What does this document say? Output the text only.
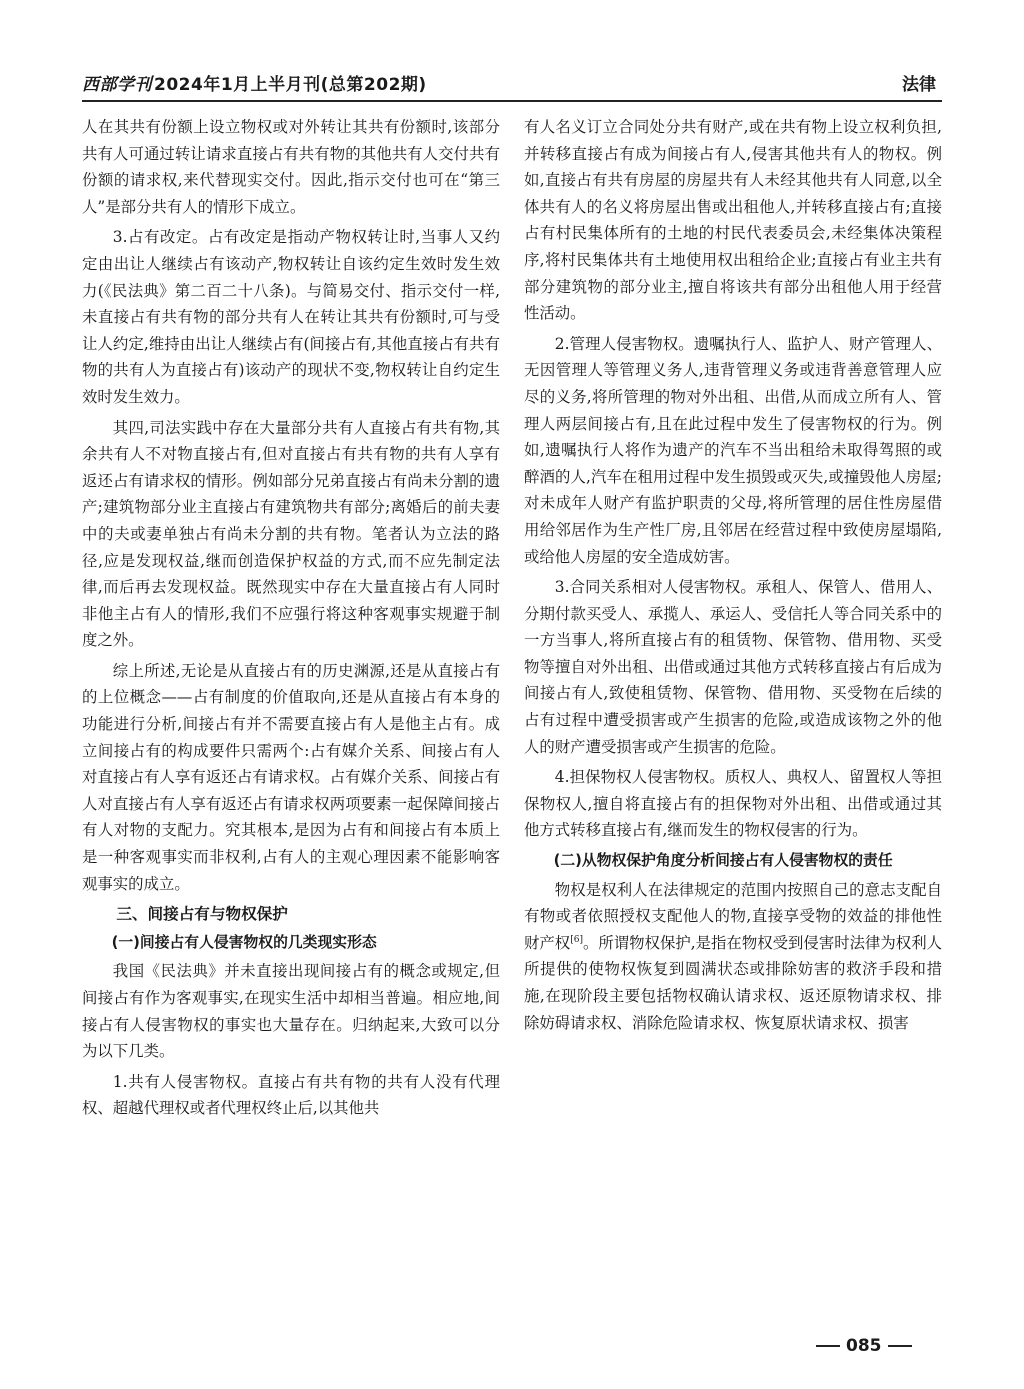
西部学刊 2024年1月上半月刊(总第202期)	法律

人在其共有份额上设立物权或对外转让其共有份额时,该部分共有人可通过转让请求直接占有共有物的其他共有人交付共有份额的请求权,来代替现实交付。因此,指示交付也可在“第三人”是部分共有人的情形下成立。

3.占有改定。占有改定是指动产物权转让时,当事人又约定由出让人继续占有该动产,物权转让自该约定生效时发生效力(《民法典》第二百二十八条)。与简易交付、指示交付一样,未直接占有共有物的部分共有人在转让其共有份额时,可与受让人约定,维持由出让人继续占有(间接占有,其他直接占有共有物的共有人为直接占有)该动产的现状不变,物权转让自约定生效时发生效力。

其四,司法实践中存在大量部分共有人直接占有共有物,其余共有人不对物直接占有,但对直接占有共有物的共有人享有返还占有请求权的情形。例如部分兄弟直接占有尚未分割的遗产;建筑物部分业主直接占有建筑物共有部分;离婚后的前夫妻中的夫或妻单独占有尚未分割的共有物。笔者认为立法的路径,应是发现权益,继而创造保护权益的方式,而不应先制定法律,而后再去发现权益。既然现实中存在大量直接占有人同时非他主占有人的情形,我们不应强行将这种客观事实规避于制度之外。

综上所述,无论是从直接占有的历史渊源,还是从直接占有的上位概念——占有制度的价值取向,还是从直接占有本身的功能进行分析,间接占有并不需要直接占有人是他主占有。成立间接占有的构成要件只需两个:占有媒介关系、间接占有人对直接占有人享有返还占有请求权。占有媒介关系、间接占有人对直接占有人享有返还占有请求权两项要素一起保障间接占有人对物的支配力。究其根本,是因为占有和间接占有本质上是一种客观事实而非权利,占有人的主观心理因素不能影响客观事实的成立。

三、间接占有与物权保护

(一)间接占有人侵害物权的几类现实形态

我国《民法典》并未直接出现间接占有的概念或规定,但间接占有作为客观事实,在现实生活中却相当普遍。相应地,间接占有人侵害物权的事实也大量存在。归纳起来,大致可以分为以下几类。

1.共有人侵害物权。直接占有共有物的共有人没有代理权、超越代理权或者代理权终止后,以其他共

有人名义订立合同处分共有财产,或在共有物上设立权利负担,并转移直接占有成为间接占有人,侵害其他共有人的物权。例如,直接占有共有房屋的房屋共有人未经其他共有人同意,以全体共有人的名义将房屋出售或出租他人,并转移直接占有;直接占有村民集体所有的土地的村民代表委员会,未经集体决策程序,将村民集体共有土地使用权出租给企业;直接占有业主共有部分建筑物的部分业主,擅自将该共有部分出租他人用于经营性活动。

2.管理人侵害物权。遗嘱执行人、监护人、财产管理人、无因管理人等管理义务人,违背管理义务或违背善意管理人应尽的义务,将所管理的物对外出租、出借,从而成立所有人、管理人两层间接占有,且在此过程中发生了侵害物权的行为。例如,遗嘱执行人将作为遗产的汽车不当出租给未取得驾照的或醉酒的人,汽车在租用过程中发生损毁或灭失,或撞毁他人房屋;对未成年人财产有监护职责的父母,将所管理的居住性房屋借用给邻居作为生产性厂房,且邻居在经营过程中致使房屋塌陷,或给他人房屋的安全造成妨害。

3.合同关系相对人侵害物权。承租人、保管人、借用人、分期付款买受人、承揽人、承运人、受信托人等合同关系中的一方当事人,将所直接占有的租赁物、保管物、借用物、买受物等擅自对外出租、出借或通过其他方式转移直接占有后成为间接占有人,致使租赁物、保管物、借用物、买受物在后续的占有过程中遭受损害或产生损害的危险,或造成该物之外的他人的财产遭受损害或产生损害的危险。

4.担保物权人侵害物权。质权人、典权人、留置权人等担保物权人,擅自将直接占有的担保物对外出租、出借或通过其他方式转移直接占有,继而发生的物权侵害的行为。

(二)从物权保护角度分析间接占有人侵害物权的责任

物权是权利人在法律规定的范围内按照自己的意志支配自有物或者依照授权支配他人的物,直接享受物的效益的排他性财产权[6]。所谓物权保护,是指在物权受到侵害时法律为权利人所提供的使物权恢复到圆满状态或排除妨害的救济手段和措施,在现阶段主要包括物权确认请求权、返还原物请求权、排除妨碍请求权、消除危险请求权、恢复原状请求权、损害

085
